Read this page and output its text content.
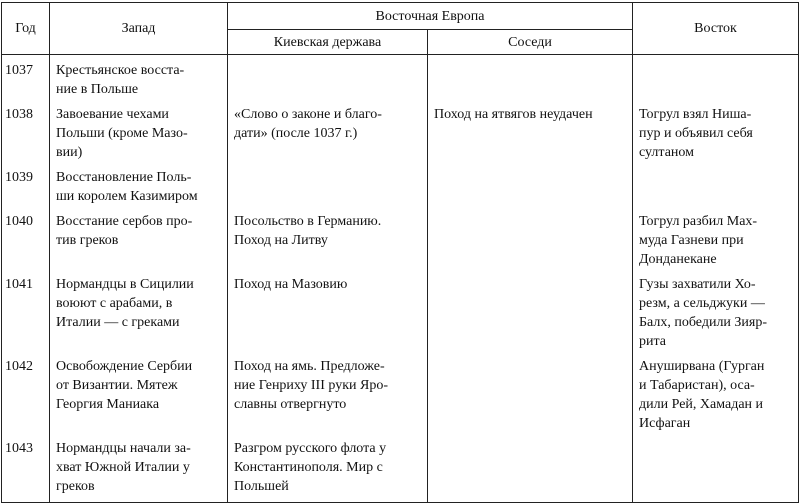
Год	Запад	Восточная Европа		Восток
		Киевская держава	Соседи	
1037	Крестьянское восста-
ние в Польше			
1038	Завоевание чехами
Польши (кроме Мазо-
вии)	«Слово о законе и благо-
дати» (после 1037 г.)	Поход на ятвягов неудачен	Тогрул взял Ниша-
пур и объявил себя
султаном
1039	Восстановление Поль-
ши королем Казимиром			
1040	Восстание сербов про-
тив греков	Посольство в Германию.
Поход на Литву		Тогрул разбил Мах-
муда Газневи при
Донданекане
1041	Нормандцы в Сицилии
воюют с арабами, в
Италии — с греками	Поход на Мазовию		Гузы захватили Хо-
резм, а сельджуки —
Балх, победили Зияр-
рита
1042	Освобождение Сербии
от Византии. Мятеж
Георгия Маниака	Поход на ямь. Предложе-
ние Генриху III руки Яро-
славны отвергнуто		Ануширвана (Гурган
и Табаристан), оса-
дили Рей, Хамадан и
Исфаган
1043	Нормандцы начали за-
хват Южной Италии у
греков	Разгром русского флота у
Константинополя. Мир с
Польшей		
